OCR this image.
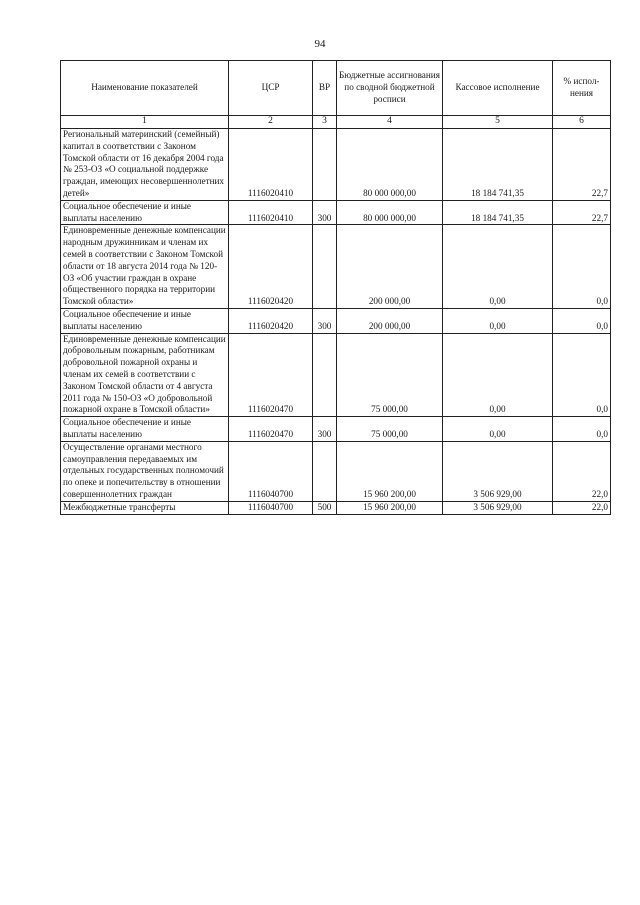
94
Наименование показателей	ЦСР	ВР	Бюджетные ассигнования по сводной бюджетной росписи	Кассовое исполнение	% испол-нения
1	2	3	4	5	6
Региональный материнский (семейный) капитал в соответствии с Законом Томской области от 16 декабря 2004 года № 253-ОЗ «О социальной поддержке граждан, имеющих несовершеннолетних детей»	1116020410		80 000 000,00	18 184 741,35	22,7
Социальное обеспечение и иные выплаты населению	1116020410	300	80 000 000,00	18 184 741,35	22,7
Единовременные денежные компенсации народным дружинникам и членам их семей в соответствии с Законом Томской области от 18 августа 2014 года № 120-ОЗ «Об участии граждан в охране общественного порядка на территории Томской области»	1116020420		200 000,00	0,00	0,0
Социальное обеспечение и иные выплаты населению	1116020420	300	200 000,00	0,00	0,0
Единовременные денежные компенсации добровольным пожарным, работникам добровольной пожарной охраны и членам их семей в соответствии с Законом Томской области от 4 августа 2011 года № 150-ОЗ «О добровольной пожарной охране в Томской области»	1116020470		75 000,00	0,00	0,0
Социальное обеспечение и иные выплаты населению	1116020470	300	75 000,00	0,00	0,0
Осуществление органами местного самоуправления передаваемых им отдельных государственных полномочий по опеке и попечительству в отношении совершеннолетних граждан	1116040700		15 960 200,00	3 506 929,00	22,0
Межбюджетные трансферты	1116040700	500	15 960 200,00	3 506 929,00	22,0
